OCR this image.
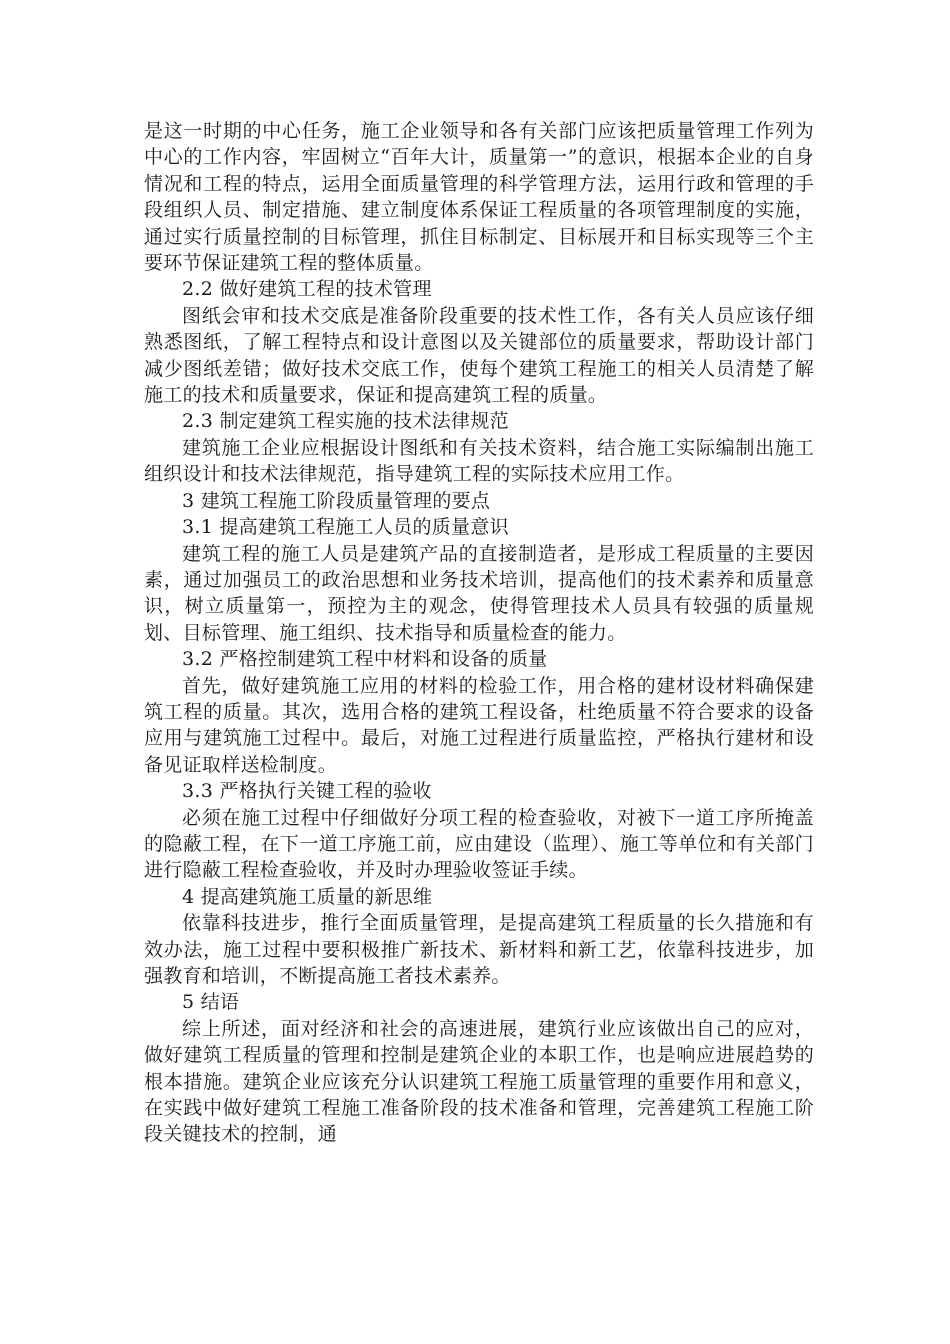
是这一时期的中心任务，施工企业领导和各有关部门应该把质量管理工作列为中心的工作内容，牢固树立“百年大计，质量第一”的意识，根据本企业的自身情况和工程的特点，运用全面质量管理的科学管理方法，运用行政和管理的手段组织人员、制定措施、建立制度体系保证工程质量的各项管理制度的实施，通过实行质量控制的目标管理，抓住目标制定、目标展开和目标实现等三个主要环节保证建筑工程的整体质量。

2.2 做好建筑工程的技术管理

图纸会审和技术交底是准备阶段重要的技术性工作，各有关人员应该仔细熟悉图纸，了解工程特点和设计意图以及关键部位的质量要求，帮助设计部门减少图纸差错；做好技术交底工作，使每个建筑工程施工的相关人员清楚了解施工的技术和质量要求，保证和提高建筑工程的质量。

2.3 制定建筑工程实施的技术法律规范

建筑施工企业应根据设计图纸和有关技术资料，结合施工实际编制出施工组织设计和技术法律规范，指导建筑工程的实际技术应用工作。

3 建筑工程施工阶段质量管理的要点

3.1 提高建筑工程施工人员的质量意识

建筑工程的施工人员是建筑产品的直接制造者，是形成工程质量的主要因素，通过加强员工的政治思想和业务技术培训，提高他们的技术素养和质量意识，树立质量第一，预控为主的观念，使得管理技术人员具有较强的质量规划、目标管理、施工组织、技术指导和质量检查的能力。

3.2 严格控制建筑工程中材料和设备的质量

首先，做好建筑施工应用的材料的检验工作，用合格的建材设材料确保建筑工程的质量。其次，选用合格的建筑工程设备，杜绝质量不符合要求的设备应用与建筑施工过程中。最后，对施工过程进行质量监控，严格执行建材和设备见证取样送检制度。

3.3 严格执行关键工程的验收

必须在施工过程中仔细做好分项工程的检查验收，对被下一道工序所掩盖的隐蔽工程，在下一道工序施工前，应由建设（监理）、施工等单位和有关部门进行隐蔽工程检查验收，并及时办理验收签证手续。

4 提高建筑施工质量的新思维

依靠科技进步，推行全面质量管理，是提高建筑工程质量的长久措施和有效办法，施工过程中要积极推广新技术、新材料和新工艺，依靠科技进步，加强教育和培训，不断提高施工者技术素养。

5 结语

综上所述，面对经济和社会的高速进展，建筑行业应该做出自己的应对，做好建筑工程质量的管理和控制是建筑企业的本职工作，也是响应进展趋势的根本措施。建筑企业应该充分认识建筑工程施工质量管理的重要作用和意义，在实践中做好建筑工程施工准备阶段的技术准备和管理，完善建筑工程施工阶段关键技术的控制，通
